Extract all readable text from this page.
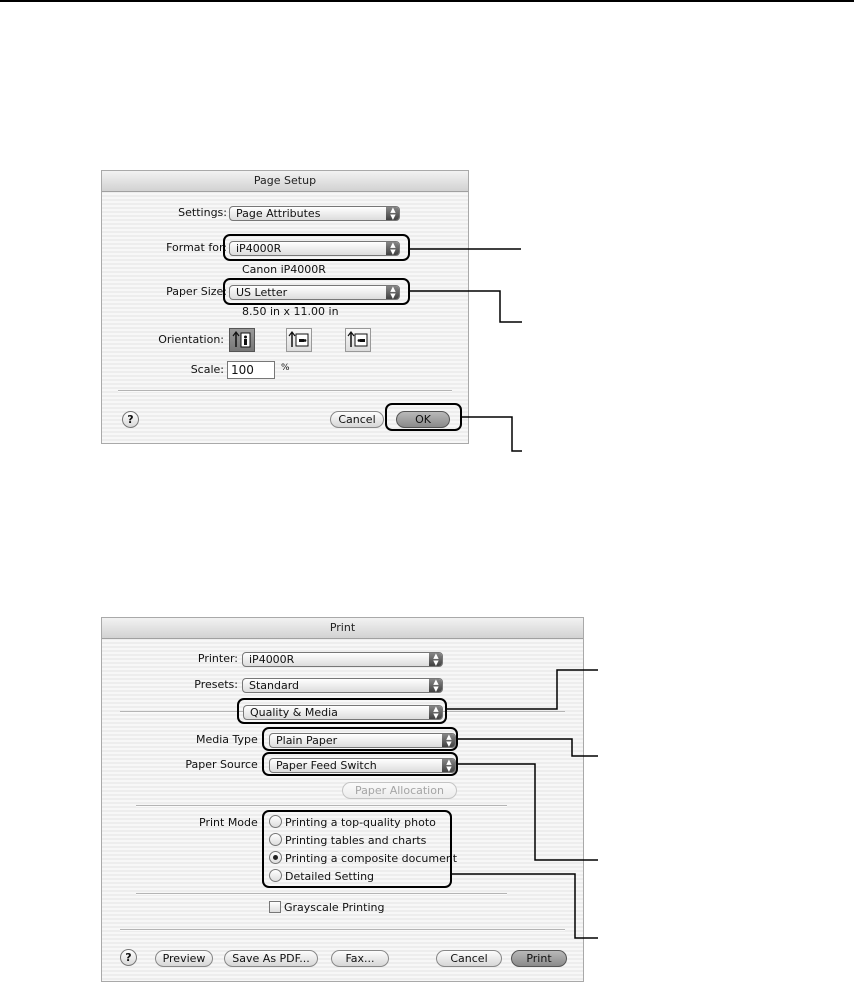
Page Setup
Settings: Page Attributes	▲
▼
Format for: iP4000R	▲
▼
Canon iP4000R
Paper Size: US Letter	▲
▼
8.50 in x 11.00 in
Orientation:
Scale: 100	%
?	Cancel	OK
Print
Printer:	iP4000R	▲
▼
Presets:	Standard	▲
▼
Quality & Media	▲
▼
Media Type :	Plain Paper	▲
▼
Paper Source :	Paper Feed Switch	▲
▼
Paper Allocation
Print Mode :	Printing a top-quality photo
Printing tables and charts
Printing a composite document
Detailed Setting
Grayscale Printing
?	Preview	Save As PDF...	Fax...	Cancel	Print
